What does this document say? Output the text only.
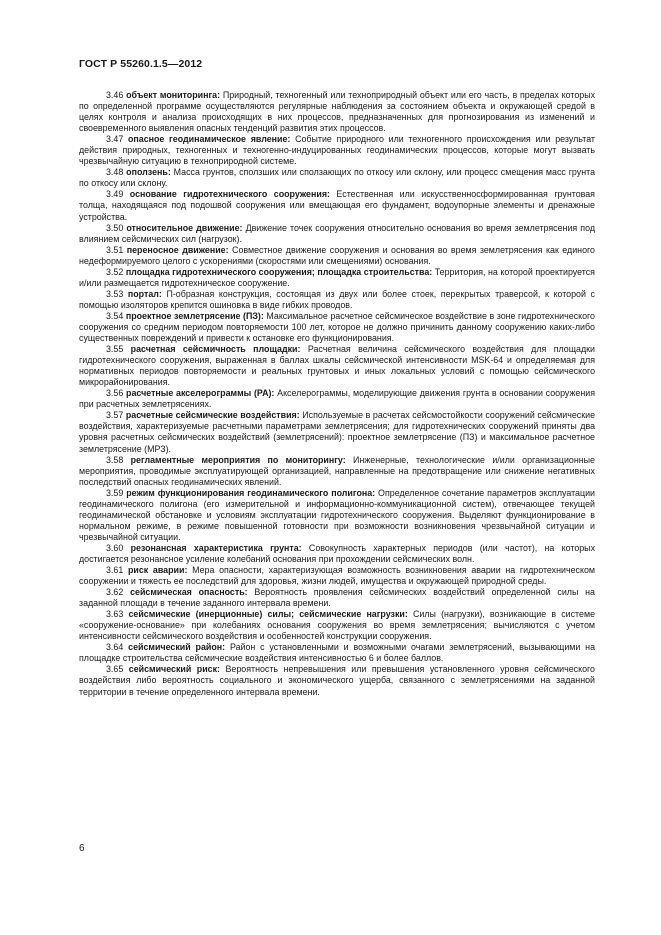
ГОСТ Р 55260.1.5—2012

3.46 объект мониторинга: Природный, техногенный или технoприродный объект или его часть, в пределах которых по определенной программе осуществляются регулярные наблюдения за состоянием объекта и окружающей средой в целях контроля и анализа происходящих в них процессов, предназначенных для прогнозирования из изменений и своевременного выявления опасных тенденций развития этих процессов.

3.47 опасное геодинамическое явление: Событие природного или техногенного происхождения или результат действия природных, техногенных и техногенно-индуцированных геодинамических процессов, которые могут вызвать чрезвычайную ситуацию в технoприродной системе.

3.48 оползень: Масса грунтов, сползших или сползающих по откосу или склону, или процесс смещения масс грунта по откосу или склону.

3.49 основание гидротехнического сооружения: Естественная или искусственносформированная грунтовая толща, находящаяся под подошвой сооружения или вмещающая его фундамент, водоупорные элементы и дренажные устройства.

3.50 относительное движение: Движение точек сооружения относительно основания во время землетрясения под влиянием сейсмических сил (нагрузок).

3.51 переносное движение: Совместное движение сооружения и основания во время землетрясения как единого недеформируемого целого с ускорениями (скоростями или смещениями) основания.

3.52 площадка гидротехнического сооружения; площадка строительства: Территория, на которой проектируется и/или размещается гидротехническое сооружение.

3.53 портал: П-образная конструкция, состоящая из двух или более стоек, перекрытых траверсой, к которой с помощью изоляторов крепится ошиновка в виде гибких проводов.

3.54 проектное землетрясение (ПЗ): Максимальное расчетное сейсмическое воздействие в зоне гидротехнического сооружения со средним периодом повторяемости 100 лет, которое не должно причинить данному сооружению каких-либо существенных повреждений и привести к остановке его функционирования.

3.55 расчетная сейсмичность площадки: Расчетная величина сейсмического воздействия для площадки гидротехнического сооружения, выраженная в баллах шкалы сейсмической интенсивности MSK-64 и определяемая для нормативных периодов повторяемости и реальных грунтовых и иных локальных условий с помощью сейсмического микрорайонирования.

3.56 расчетные акселерограммы (РА): Акселерограммы, моделирующие движения грунта в основании сооружения при расчетных землетрясениях.

3.57 расчетные сейсмические воздействия: Используемые в расчетах сейсмостойкости сооружений сейсмические воздействия, характеризуемые расчетными параметрами землетрясения; для гидротехнических сооружений приняты два уровня расчетных сейсмических воздействий (землетрясений): проектное землетрясение (ПЗ) и максимальное расчетное землетрясение (МРЗ).

3.58 регламентные мероприятия по мониторингу: Инженерные, технологические и/или организационные мероприятия, проводимые эксплуатирующей организацией, направленные на предотвращение или снижение негативных последствий опасных геодинамических явлений.

3.59 режим функционирования геодинамического полигона: Определенное сочетание параметров эксплуатации геодинамического полигона (его измерительной и информационно-коммуникационной систем), отвечающее текущей геодинамической обстановке и условиям эксплуатации гидротехнического сооружения. Выделяют функционирование в нормальном режиме, в режиме повышенной готовности при возможности возникновения чрезвычайной ситуации и чрезвычайной ситуации.

3.60 резонансная характеристика грунта: Совокупность характерных периодов (или частот), на которых достигается резонансное усиление колебаний основания при прохождении сейсмических волн.

3.61 риск аварии: Мера опасности, характеризующая возможность возникновения аварии на гидротехническом сооружении и тяжесть ее последствий для здоровья, жизни людей, имущества и окружающей природной среды.

3.62 сейсмическая опасность: Вероятность проявления сейсмических воздействий определенной силы на заданной площади в течение заданного интервала времени.

3.63 сейсмические (инерционные) силы; сейсмические нагрузки: Силы (нагрузки), возникающие в системе «сооружение-основание» при колебаниях основания сооружения во время землетрясения; вычисляются с учетом интенсивности сейсмического воздействия и особенностей конструкции сооружения.

3.64 сейсмический район: Район с установленными и возможными очагами землетрясений, вызывающими на площадке строительства сейсмические воздействия интенсивностью 6 и более баллов.

3.65 сейсмический риск: Вероятность непревышения или превышения установленного уровня сейсмического воздействия либо вероятность социального и экономического ущерба, связанного с землетрясениями на заданной территории в течение определенного интервала времени.

6
